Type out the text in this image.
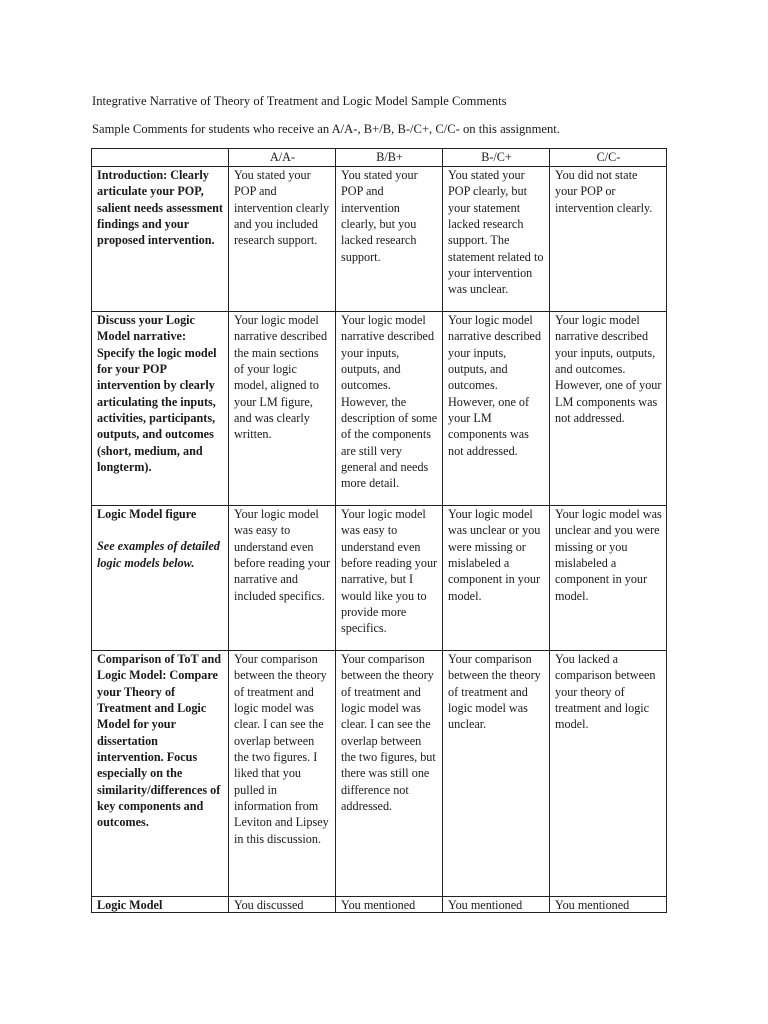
Integrative Narrative of Theory of Treatment and Logic Model Sample Comments
Sample Comments for students who receive an A/A-, B+/B, B-/C+, C/C- on this assignment.
	A/A-	B/B+	B-/C+	C/C-

Introduction: Clearly articulate your POP, salient needs assessment findings and your proposed intervention.	You stated your POP and intervention clearly and you included research support.	You stated your POP and intervention clearly, but you lacked research support.	You stated your POP clearly, but your statement lacked research support. The statement related to your intervention was unclear.	You did not state your POP or intervention clearly.

Discuss your Logic Model narrative: Specify the logic model for your POP intervention by clearly articulating the inputs, activities, participants, outputs, and outcomes (short, medium, and longterm).	Your logic model narrative described the main sections of your logic model, aligned to your LM figure, and was clearly written.	Your logic model narrative described your inputs, outputs, and outcomes. However, the description of some of the components are still very general and needs more detail.	Your logic model narrative described your inputs, outputs, and outcomes. However, one of your LM components was not addressed.	Your logic model narrative described your inputs, outputs, and outcomes. However, one of your LM components was not addressed.

Logic Model figure
See examples of detailed logic models below.	Your logic model was easy to understand even before reading your narrative and included specifics.	Your logic model was easy to understand even before reading your narrative, but I would like you to provide more specifics.	Your logic model was unclear or you were missing or mislabeled a component in your model.	Your logic model was unclear and you were missing or you mislabeled a component in your model.

Comparison of ToT and Logic Model: Compare your Theory of Treatment and Logic Model for your dissertation intervention. Focus especially on the similarity/differences of key components and outcomes.	Your comparison between the theory of treatment and logic model was clear. I can see the overlap between the two figures. I liked that you pulled in information from Leviton and Lipsey in this discussion.	Your comparison between the theory of treatment and logic model was clear. I can see the overlap between the two figures, but there was still one difference not addressed.	Your comparison between the theory of treatment and logic model was unclear.	You lacked a comparison between your theory of treatment and logic model.

Logic Model	You discussed	You mentioned	You mentioned	You mentioned
